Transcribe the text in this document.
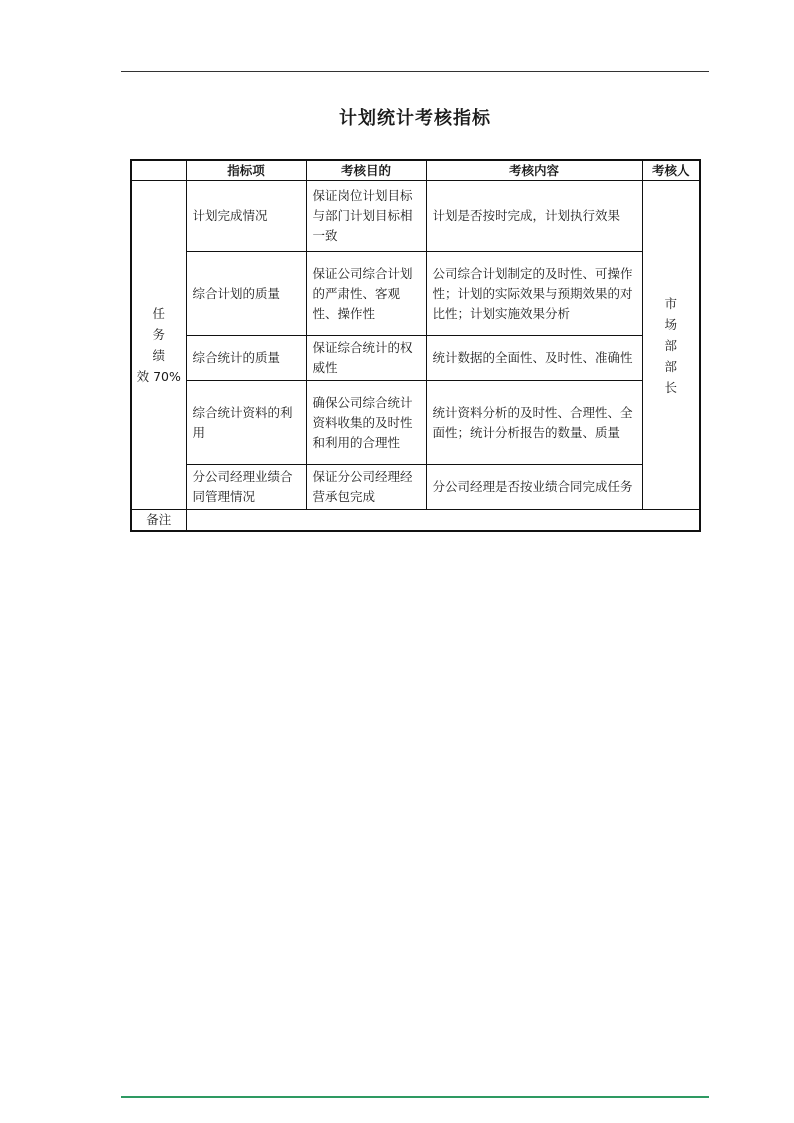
计划统计考核指标
	指标项	考核目的	考核内容	考核人

任
务
绩
效 70%	计划完成情况	保证岗位计划目标与部门计划目标相一致	计划是否按时完成，计划执行效果	市
场
部
部
长

	综合计划的质量	保证公司综合计划的严肃性、客观性、操作性	公司综合计划制定的及时性、可操作性；计划的实际效果与预期效果的对比性；计划实施效果分析	
	综合统计的质量	保证综合统计的权威性	统计数据的全面性、及时性、准确性	
	综合统计资料的利用	确保公司综合统计资料收集的及时性和利用的合理性	统计资料分析的及时性、合理性、全面性；统计分析报告的数量、质量	
	分公司经理业绩合同管理情况	保证分公司经理经营承包完成	分公司经理是否按业绩合同完成任务	
备注				
